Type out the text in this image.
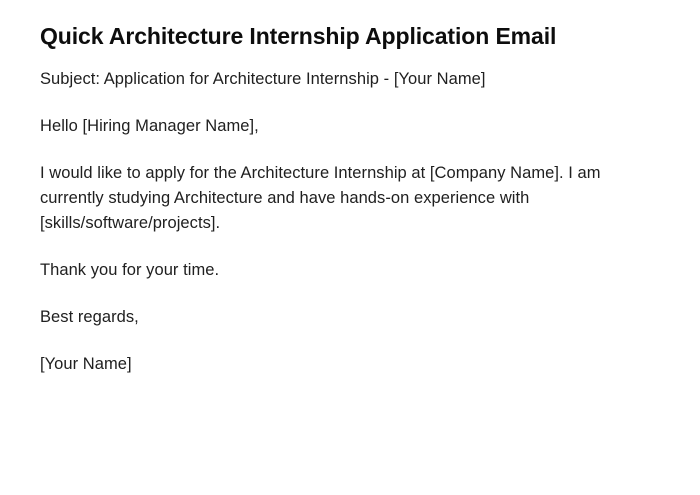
Quick Architecture Internship Application Email

Subject: Application for Architecture Internship - [Your Name]

Hello [Hiring Manager Name],

I would like to apply for the Architecture Internship at [Company Name]. I am currently studying Architecture and have hands-on experience with [skills/software/projects].

Thank you for your time.

Best regards,

[Your Name]
